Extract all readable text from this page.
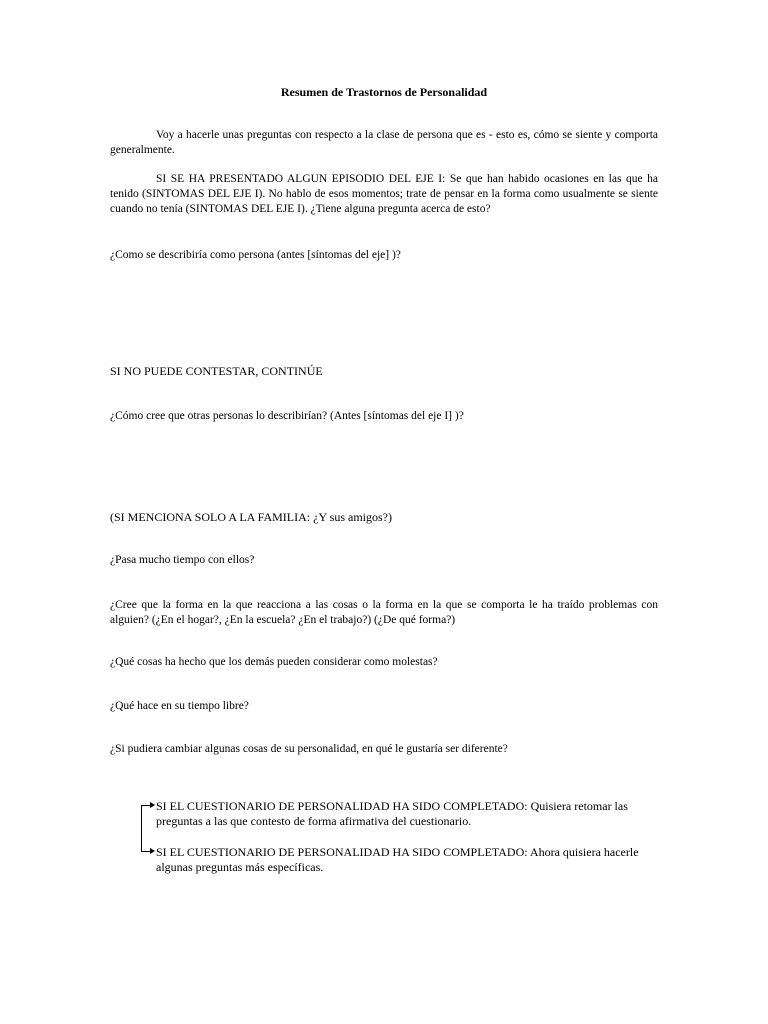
Resumen de Trastornos de Personalidad
Voy a hacerle unas preguntas con respecto a la clase de persona que es - esto es, cómo se siente y comporta generalmente.
SI SE HA PRESENTADO ALGUN EPISODIO DEL EJE I: Se que han habido ocasiones en las que ha tenido (SINTOMAS DEL EJE I). No hablo de esos momentos; trate de pensar en la forma como usualmente se siente cuando no tenía (SINTOMAS DEL EJE I). ¿Tiene alguna pregunta acerca de esto?
¿Como se describiría como persona (antes [síntomas del eje] )?
SI NO PUEDE CONTESTAR, CONTINÚE
¿Cómo cree que otras personas lo describirían? (Antes [síntomas del eje I] )?
(SI MENCIONA SOLO A LA FAMILIA: ¿Y sus amigos?)
¿Pasa mucho tiempo con ellos?
¿Cree que la forma en la que reacciona a las cosas o la forma en la que se comporta le ha traído problemas con alguien? (¿En el hogar?, ¿En la escuela? ¿En el trabajo?) (¿De qué forma?)
¿Qué cosas ha hecho que los demás pueden considerar como molestas?
¿Qué hace en su tiempo libre?
¿Si pudiera cambiar algunas cosas de su personalidad, en qué le gustaría ser diferente?
SI EL CUESTIONARIO DE PERSONALIDAD HA SIDO COMPLETADO: Quisiera retomar las preguntas a las que contesto de forma afirmativa del cuestionario.
SI EL CUESTIONARIO DE PERSONALIDAD HA SIDO COMPLETADO: Ahora quisiera hacerle algunas preguntas más específicas.
